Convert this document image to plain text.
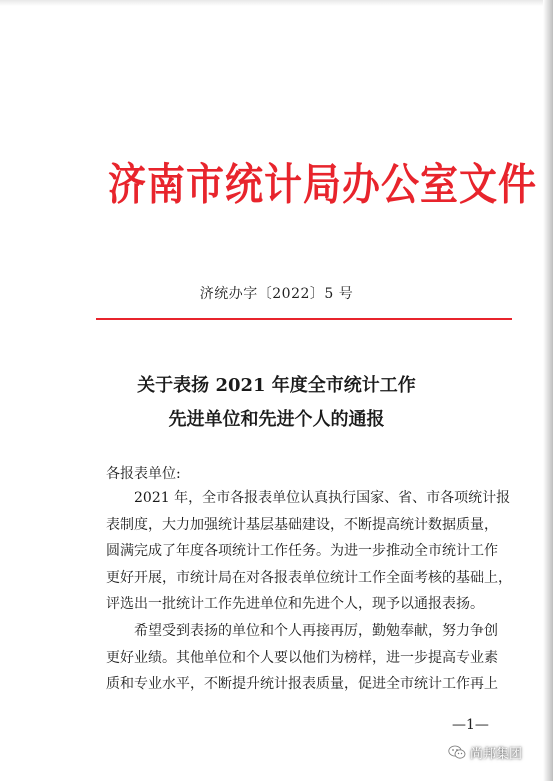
济南市统计局办公室文件
济统办字〔2022〕5 号
关于表扬 2021 年度全市统计工作
先进单位和先进个人的通报
各报表单位:
2021 年，全市各报表单位认真执行国家、省、市各项统计报
表制度，大力加强统计基层基础建设，不断提高统计数据质量，
圆满完成了年度各项统计工作任务。为进一步推动全市统计工作
更好开展，市统计局在对各报表单位统计工作全面考核的基础上，
评选出一批统计工作先进单位和先进个人，现予以通报表扬。
希望受到表扬的单位和个人再接再厉，勤勉奉献，努力争创
更好业绩。其他单位和个人要以他们为榜样，进一步提高专业素
质和专业水平，不断提升统计报表质量，促进全市统计工作再上
—1—
尚邦集团
